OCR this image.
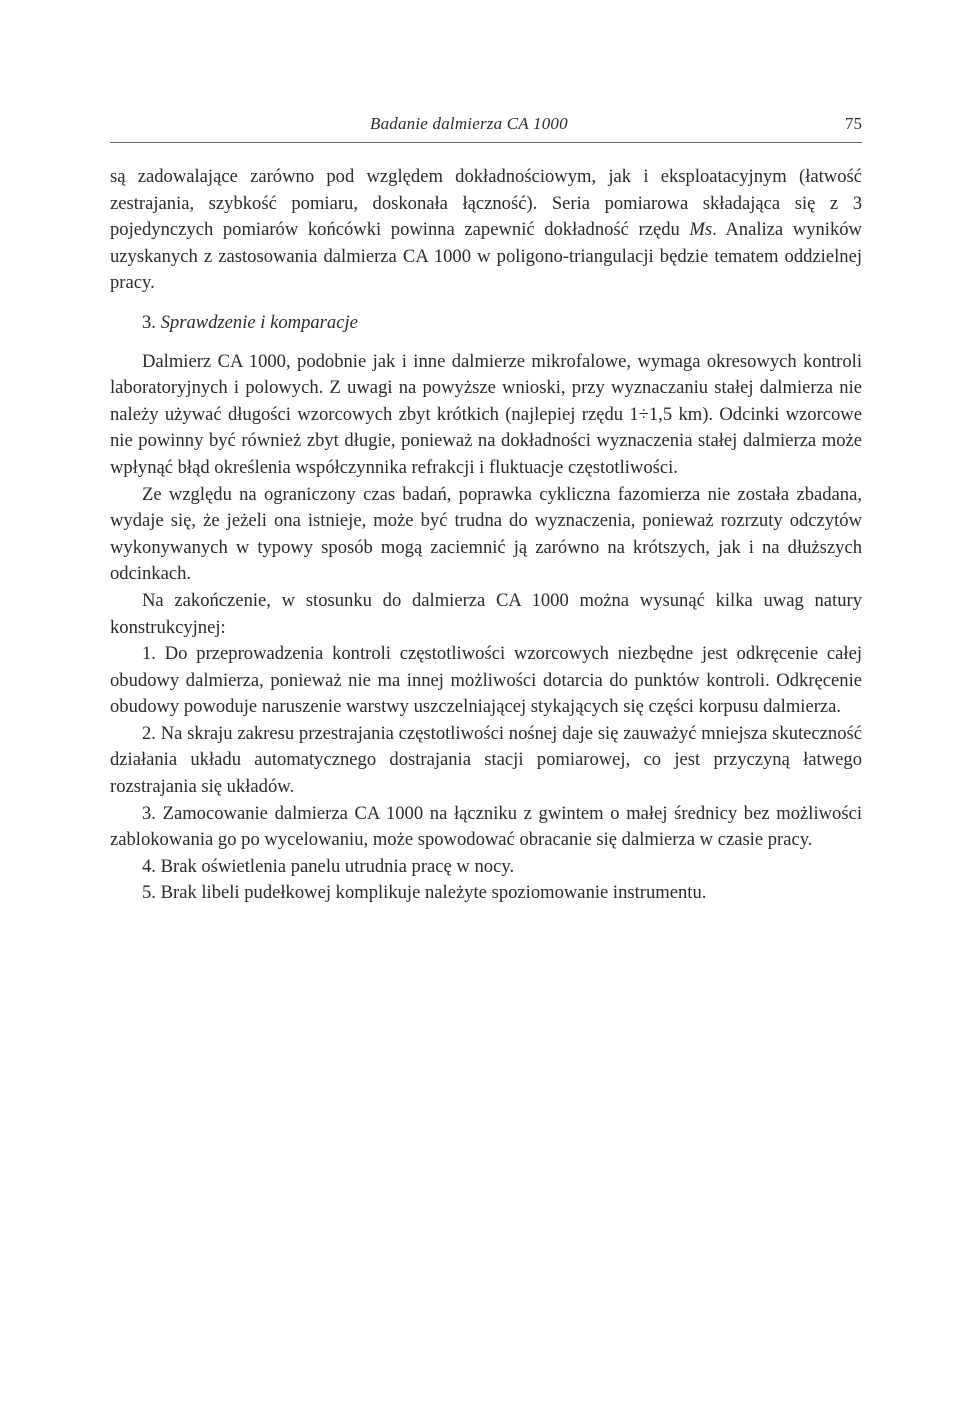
Badanie dalmierza CA 1000	75

są zadowalające zarówno pod względem dokładnościowym, jak i eksploatacyjnym (łatwość zestrajania, szybkość pomiaru, doskonała łączność). Seria pomiarowa składająca się z 3 pojedynczych pomiarów końcówki powinna zapewnić dokładność rzędu Ms. Analiza wyników uzyskanych z zastosowania dalmierza CA 1000 w poligono-triangulacji będzie tematem oddzielnej pracy.

3. Sprawdzenie i komparacje

Dalmierz CA 1000, podobnie jak i inne dalmierze mikrofalowe, wymaga okresowych kontroli laboratoryjnych i polowych. Z uwagi na powyższe wnioski, przy wyznaczaniu stałej dalmierza nie należy używać długości wzorcowych zbyt krótkich (najlepiej rzędu 1÷1,5 km). Odcinki wzorcowe nie powinny być również zbyt długie, ponieważ na dokładności wyznaczenia stałej dalmierza może wpłynąć błąd określenia współczynnika refrakcji i fluktuacje częstotliwości.

Ze względu na ograniczony czas badań, poprawka cykliczna fazomierza nie została zbadana, wydaje się, że jeżeli ona istnieje, może być trudna do wyznaczenia, ponieważ rozrzuty odczytów wykonywanych w typowy sposób mogą zaciemnić ją zarówno na krótszych, jak i na dłuższych odcinkach.

Na zakończenie, w stosunku do dalmierza CA 1000 można wysunąć kilka uwag natury konstrukcyjnej:

1. Do przeprowadzenia kontroli częstotliwości wzorcowych niezbędne jest odkręcenie całej obudowy dalmierza, ponieważ nie ma innej możliwości dotarcia do punktów kontroli. Odkręcenie obudowy powoduje naruszenie warstwy uszczelniającej stykających się części korpusu dalmierza.

2. Na skraju zakresu przestrajania częstotliwości nośnej daje się zauważyć mniejsza skuteczność działania układu automatycznego dostrajania stacji pomiarowej, co jest przyczyną łatwego rozstrajania się układów.

3. Zamocowanie dalmierza CA 1000 na łączniku z gwintem o małej średnicy bez możliwości zablokowania go po wycelowaniu, może spowodować obracanie się dalmierza w czasie pracy.

4. Brak oświetlenia panelu utrudnia pracę w nocy.

5. Brak libeli pudełkowej komplikuje należyte spoziomowanie instrumentu.
